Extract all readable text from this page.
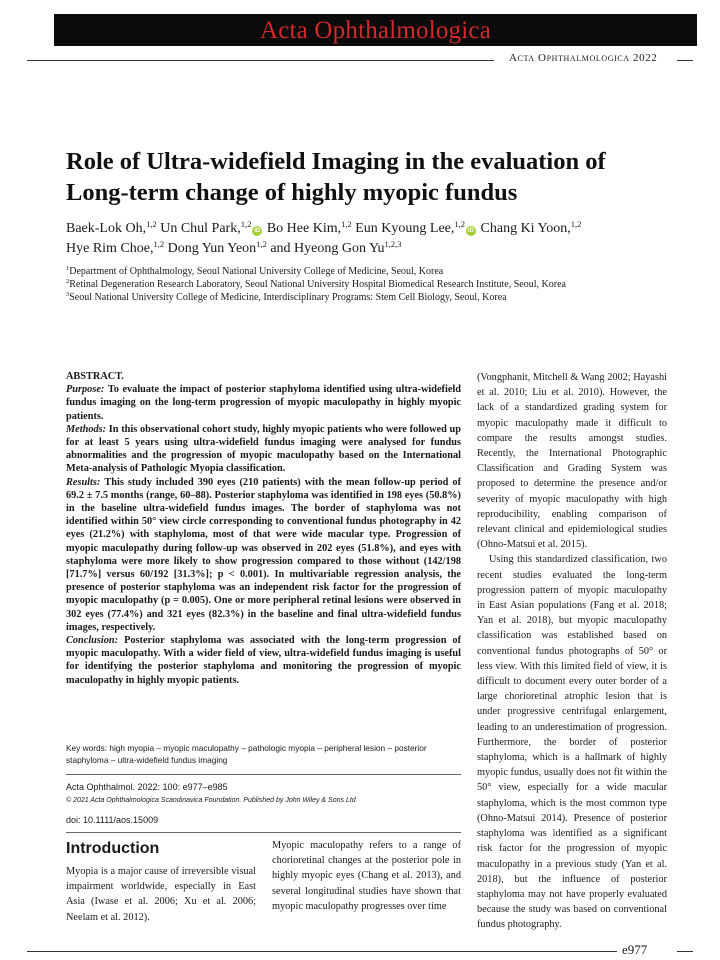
Acta Ophthalmologica
Acta Ophthalmologica 2022
Role of Ultra-widefield Imaging in the evaluation of Long-term change of highly myopic fundus
Baek-Lok Oh,$^{1,2}$ Un Chul Park,$^{1,2}$iD Bo Hee Kim,$^{1,2}$ Eun Kyoung Lee,$^{1,2}$iD Chang Ki Yoon,$^{1,2}$
Hye Rim Choe,$^{1,2}$ Dong Yun Yeon$^{1,2}$ and Hyeong Gon Yu$^{1,2,3}$
$^1$Department of Ophthalmology, Seoul National University College of Medicine, Seoul, Korea
$^2$Retinal Degeneration Research Laboratory, Seoul National University Hospital Biomedical Research Institute, Seoul, Korea
$^3$Seoul National University College of Medicine, Interdisciplinary Programs: Stem Cell Biology, Seoul, Korea
ABSTRACT.

Purpose: To evaluate the impact of posterior staphyloma identified using ultra-widefield fundus imaging on the long-term progression of myopic maculopathy in highly myopic patients.

Methods: In this observational cohort study, highly myopic patients who were followed up for at least 5 years using ultra-widefield fundus imaging were analysed for fundus abnormalities and the progression of myopic maculopathy based on the International Meta-analysis of Pathologic Myopia classification.

Results: This study included 390 eyes (210 patients) with the mean follow-up period of 69.2 ± 7.5 months (range, 60–88). Posterior staphyloma was identified in 198 eyes (50.8%) in the baseline ultra-widefield fundus images. The border of staphyloma was not identified within 50° view circle corresponding to conventional fundus photography in 42 eyes (21.2%) with staphyloma, most of that were wide macular type. Progression of myopic maculopathy during follow-up was observed in 202 eyes (51.8%), and eyes with staphyloma were more likely to show progression compared to those without (142/198 [71.7%] versus 60/192 [31.3%]; p < 0.001). In multivariable regression analysis, the presence of posterior staphyloma was an independent risk factor for the progression of myopic maculopathy (p = 0.005). One or more peripheral retinal lesions were observed in 302 eyes (77.4%) and 321 eyes (82.3%) in the baseline and final ultra-widefield fundus images, respectively.

Conclusion: Posterior staphyloma was associated with the long-term progression of myopic maculopathy. With a wider field of view, ultra-widefield fundus imaging is useful for identifying the posterior staphyloma and monitoring the progression of myopic maculopathy in highly myopic patients.

Key words: high myopia – myopic maculopathy – pathologic myopia – peripheral lesion – posterior staphyloma – ultra-widefield fundus imaging
Acta Ophthalmol. 2022: 100: e977–e985
© 2021 Acta Ophthalmologica Scandinavica Foundation. Published by John Wiley & Sons Ltd
doi: 10.1111/aos.15009
Introduction

Myopia is a major cause of irreversible visual impairment worldwide, especially in East Asia (Iwase et al. 2006; Xu et al. 2006; Neelam et al. 2012).

Myopic maculopathy refers to a range of chorioretinal changes at the posterior pole in highly myopic eyes (Chang et al. 2013), and several longitudinal studies have shown that myopic maculopathy progresses over time

(Vongphanit, Mitchell & Wang 2002; Hayashi et al. 2010; Liu et al. 2010). However, the lack of a standardized grading system for myopic maculopathy made it difficult to compare the results amongst studies. Recently, the International Photographic Classification and Grading System was proposed to determine the presence and/or severity of myopic maculopathy with high reproducibility, enabling comparison of relevant clinical and epidemiological studies (Ohno-Matsui et al. 2015).

Using this standardized classification, two recent studies evaluated the long-term progression pattern of myopic maculopathy in East Asian populations (Fang et al. 2018; Yan et al. 2018), but myopic maculopathy classification was established based on conventional fundus photographs of 50° or less view. With this limited field of view, it is difficult to document every outer border of a large chorioretinal atrophic lesion that is under progressive centrifugal enlargement, leading to an underestimation of progression. Furthermore, the border of posterior staphyloma, which is a hallmark of highly myopic fundus, usually does not fit within the 50° view, especially for a wide macular staphyloma, which is the most common type (Ohno-Matsui 2014). Presence of posterior staphyloma was identified as a significant risk factor for the progression of myopic maculopathy in a previous study (Yan et al. 2018), but the influence of posterior staphyloma may not have properly evaluated because the study was based on conventional fundus photography.

e977
